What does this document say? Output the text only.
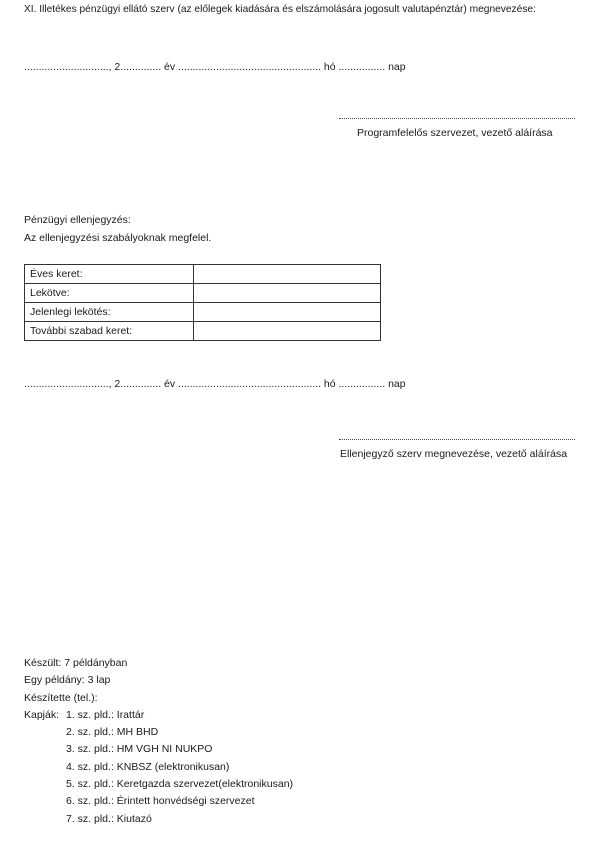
XI. Illetékes pénzügyi ellátó szerv (az előlegek kiadására és elszámolására jogosult valutapénztár) megnevezése:
............................., 2.............. év ................................................. hó ................ nap
Programfelelős szervezet, vezető aláírása
Pénzügyi ellenjegyzés:
Az ellenjegyzési szabályoknak megfelel.
Éves keret:	
Lekötve:	
Jelenlegi lekötés:	
További szabad keret:	
............................., 2.............. év ................................................. hó ................ nap
Ellenjegyző szerv megnevezése, vezető aláírása
Készült: 7 példányban
Egy példány: 3 lap
Készítette (tel.):
Kapják: 1. sz. pld.: Irattár
2. sz. pld.: MH BHD
3. sz. pld.: HM VGH NI NUKPO
4. sz. pld.: KNBSZ (elektronikusan)
5. sz. pld.: Keretgazda szervezet(elektronikusan)
6. sz. pld.: Érintett honvédségi szervezet
7. sz. pld.: Kiutazó
